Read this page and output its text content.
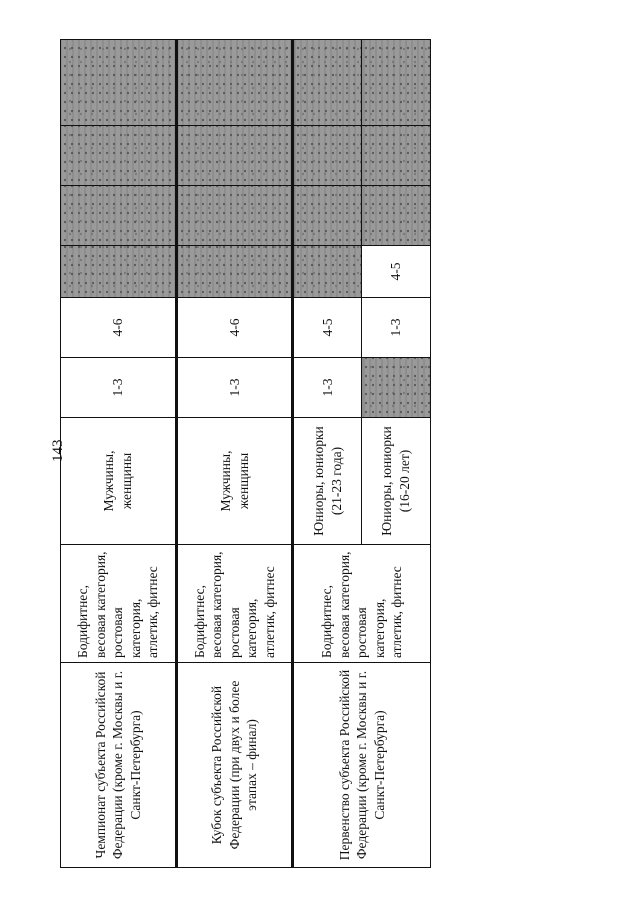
143
Чемпионат субъекта Российской Федерации (кроме г. Москвы и г. Санкт-Петербурга)	Бодифитнес, весовая категория, ростовая категория, атлетик, фитнес	Мужчины, женщины	1-3	4-6				
Кубок субъекта Российской Федерации (при двух и более этапах – финал)	Бодифитнес, весовая категория, ростовая категория, атлетик, фитнес	Мужчины, женщины	1-3	4-6				
Первенство субъекта Российской Федерации (кроме г. Москвы и г. Санкт-Петербурга)	Бодифитнес, весовая категория, ростовая категория, атлетик, фитнес	Юниоры, юниорки (21-23 года)	1-3	4-5				
		Юниоры, юниорки (16-20 лет)		1-3	4-5			
